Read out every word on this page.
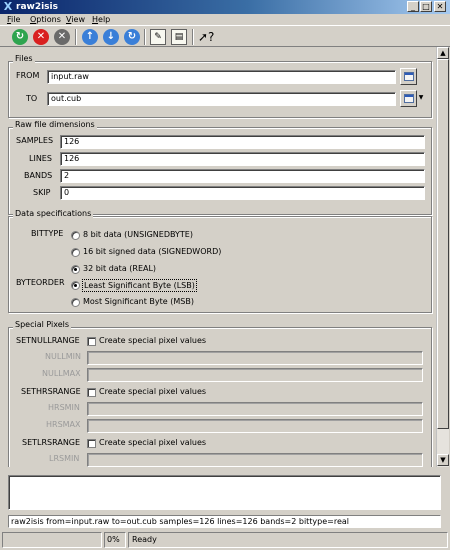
X raw2isis	_ □ ✕
File Options View Help
↻	✕	✕	↑	↓	↻	✎	▤	➚?
Files
FROM	input.raw
TO	out.cub	▼
Raw file dimensions
SAMPLES	126
LINES	126
BANDS	2
SKIP	0
Data specifications
BITTYPE 8 bit data (UNSIGNEDBYTE)
16 bit signed data (SIGNEDWORD)
32 bit data (REAL)
BYTEORDER Least Significant Byte (LSB)
Most Significant Byte (MSB)
Special Pixels
SETNULLRANGE Create special pixel values
NULLMIN
NULLMAX
SETHRSRANGE Create special pixel values
HRSMIN
HRSMAX
SETLRSRANGE Create special pixel values
LRSMIN
▲
▼
raw2isis from=input.raw to=out.cub samples=126 lines=126 bands=2 bittype=real
0%	Ready
